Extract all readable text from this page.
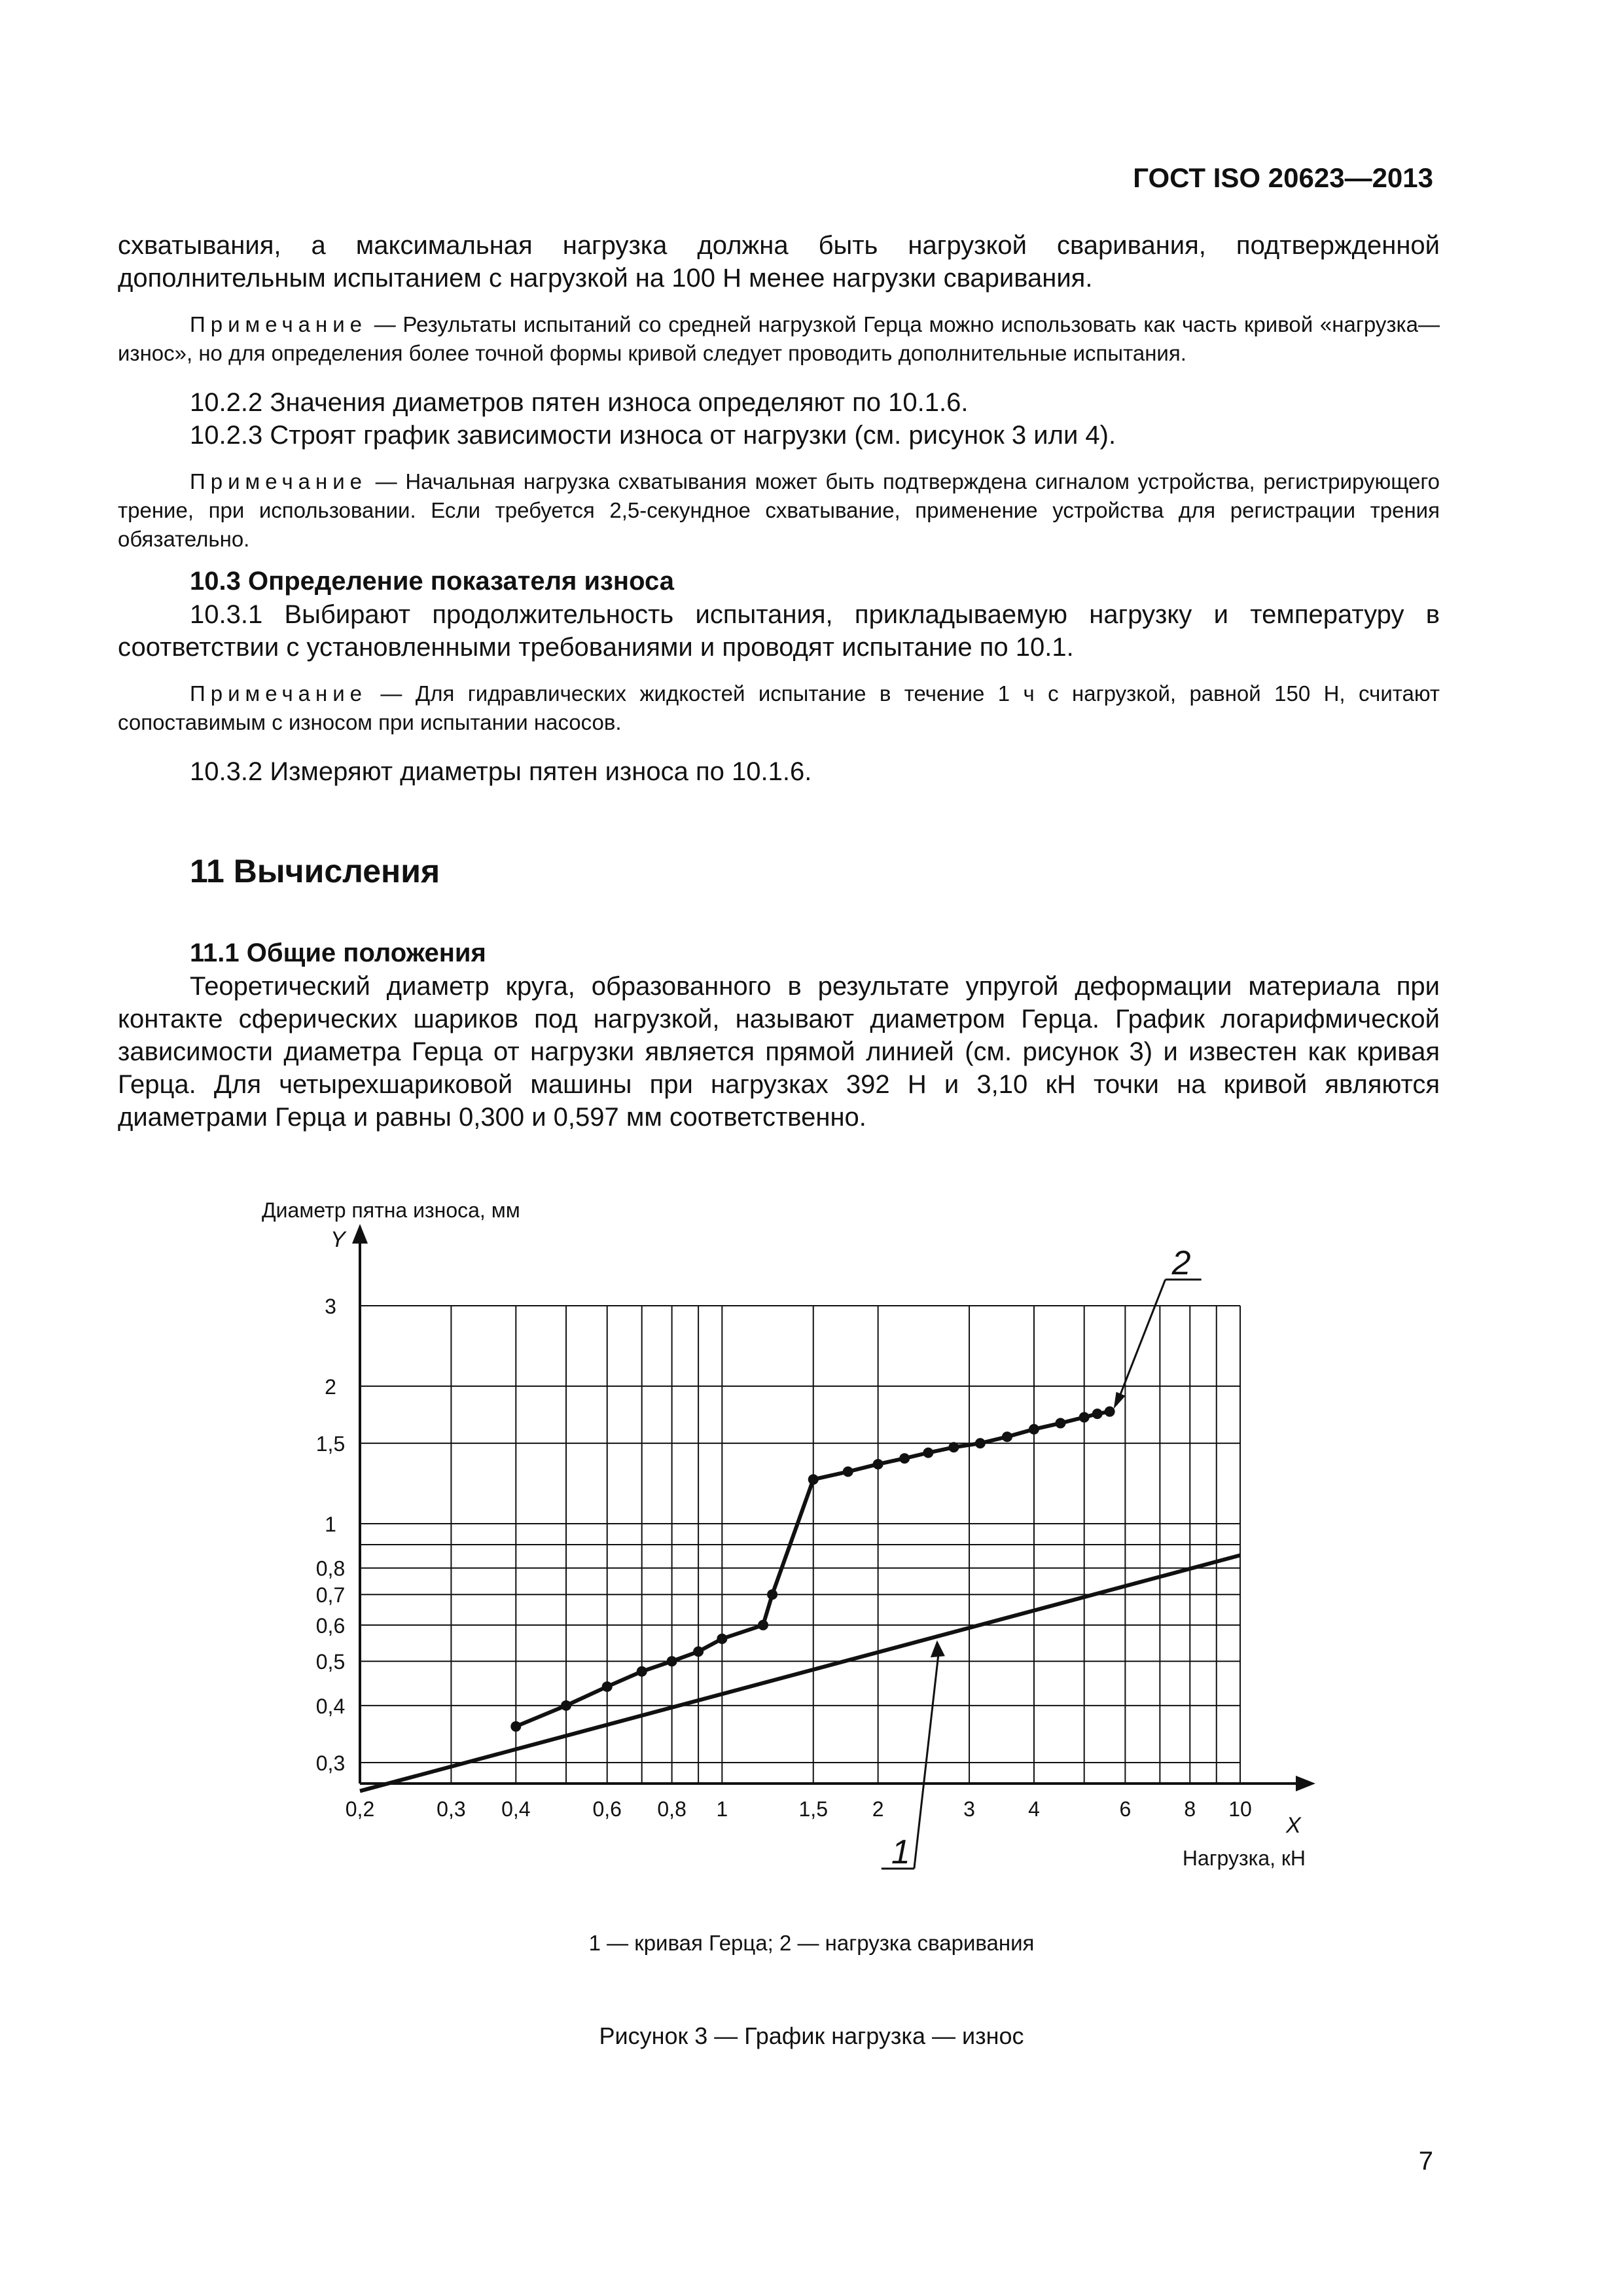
ГОСТ ISO 20623—2013

схватывания, а максимальная нагрузка должна быть нагрузкой сваривания, подтвержденной дополнительным испытанием с нагрузкой на 100 Н менее нагрузки сваривания.

Примечание — Результаты испытаний со средней нагрузкой Герца можно использовать как часть кривой «нагрузка—износ», но для определения более точной формы кривой следует проводить дополнительные испытания.

10.2.2 Значения диаметров пятен износа определяют по 10.1.6.

10.2.3 Строят график зависимости износа от нагрузки (см. рисунок 3 или 4).

Примечание — Начальная нагрузка схватывания может быть подтверждена сигналом устройства, регистрирующего трение, при использовании. Если требуется 2,5-секундное схватывание, применение устройства для регистрации трения обязательно.

10.3 Определение показателя износа

10.3.1 Выбирают продолжительность испытания, прикладываемую нагрузку и температуру в соответствии с установленными требованиями и проводят испытание по 10.1.

Примечание — Для гидравлических жидкостей испытание в течение 1 ч с нагрузкой, равной 150 Н, считают сопоставимым с износом при испытании насосов.

10.3.2 Измеряют диаметры пятен износа по 10.1.6.

11 Вычисления

11.1 Общие положения

Теоретический диаметр круга, образованного в результате упругой деформации материала при контакте сферических шариков под нагрузкой, называют диаметром Герца. График логарифмической зависимости диаметра Герца от нагрузки является прямой линией (см. рисунок 3) и известен как кривая Герца. Для четырехшариковой машины при нагрузках 392 Н и 3,10 кН точки на кривой являются диаметрами Герца и равны 0,300 и 0,597 мм соответственно.

Диаметр пятна износа, мм
Y
0,3
0,4
0,5
0,6
0,7
0,8
1
1,5
2
3
0,2	0,3 0,4	0,6 0,8 1	1,5 2	3	4	6	8 10
X
Нагрузка, кН
2
1
1 — кривая Герца; 2 — нагрузка сваривания
Рисунок 3 — График нагрузка — износ
7
